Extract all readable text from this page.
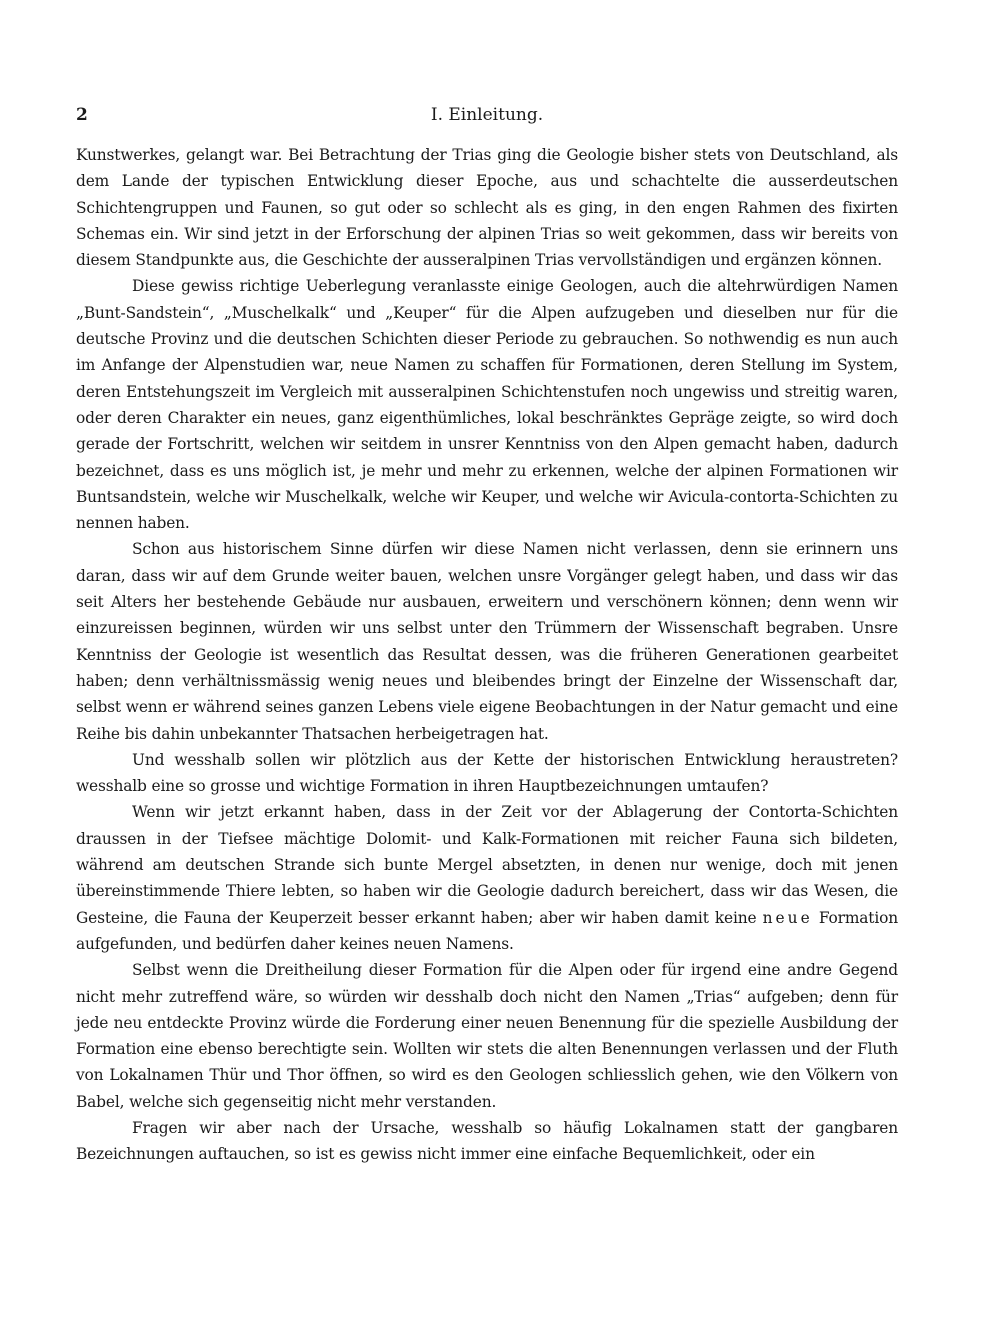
2	I. Einleitung.

Kunstwerkes, gelangt war. Bei Betrachtung der Trias ging die Geologie bisher stets von Deutschland, als dem Lande der typischen Entwicklung dieser Epoche, aus und schachtelte die ausserdeutschen Schichtengruppen und Faunen, so gut oder so schlecht als es ging, in den engen Rahmen des fixirten Schemas ein. Wir sind jetzt in der Erforschung der alpinen Trias so weit gekommen, dass wir bereits von diesem Standpunkte aus, die Geschichte der ausseralpinen Trias vervollständigen und ergänzen können.

Diese gewiss richtige Ueberlegung veranlasste einige Geologen, auch die altehrwürdigen Namen „Bunt-Sandstein“, „Muschelkalk“ und „Keuper“ für die Alpen aufzugeben und dieselben nur für die deutsche Provinz und die deutschen Schichten dieser Periode zu gebrauchen. So nothwendig es nun auch im Anfange der Alpenstudien war, neue Namen zu schaffen für Formationen, deren Stellung im System, deren Entstehungszeit im Vergleich mit ausseralpinen Schichtenstufen noch ungewiss und streitig waren, oder deren Charakter ein neues, ganz eigenthümliches, lokal beschränktes Gepräge zeigte, so wird doch gerade der Fortschritt, welchen wir seitdem in unsrer Kenntniss von den Alpen gemacht haben, dadurch bezeichnet, dass es uns möglich ist, je mehr und mehr zu erkennen, welche der alpinen Formationen wir Buntsandstein, welche wir Muschelkalk, welche wir Keuper, und welche wir Avicula-contorta-Schichten zu nennen haben.

Schon aus historischem Sinne dürfen wir diese Namen nicht verlassen, denn sie erinnern uns daran, dass wir auf dem Grunde weiter bauen, welchen unsre Vorgänger gelegt haben, und dass wir das seit Alters her bestehende Gebäude nur ausbauen, erweitern und verschönern können; denn wenn wir einzureissen beginnen, würden wir uns selbst unter den Trümmern der Wissenschaft begraben. Unsre Kenntniss der Geologie ist wesentlich das Resultat dessen, was die früheren Generationen gearbeitet haben; denn verhältnissmässig wenig neues und bleibendes bringt der Einzelne der Wissenschaft dar, selbst wenn er während seines ganzen Lebens viele eigene Beobachtungen in der Natur gemacht und eine Reihe bis dahin unbekannter Thatsachen herbeigetragen hat.

Und wesshalb sollen wir plötzlich aus der Kette der historischen Entwicklung heraustreten? wesshalb eine so grosse und wichtige Formation in ihren Hauptbezeichnungen umtaufen?

Wenn wir jetzt erkannt haben, dass in der Zeit vor der Ablagerung der Contorta-Schichten draussen in der Tiefsee mächtige Dolomit- und Kalk-Formationen mit reicher Fauna sich bildeten, während am deutschen Strande sich bunte Mergel absetzten, in denen nur wenige, doch mit jenen übereinstimmende Thiere lebten, so haben wir die Geologie dadurch bereichert, dass wir das Wesen, die Gesteine, die Fauna der Keuperzeit besser erkannt haben; aber wir haben damit keine neue Formation aufgefunden, und bedürfen daher keines neuen Namens.

Selbst wenn die Dreitheilung dieser Formation für die Alpen oder für irgend eine andre Gegend nicht mehr zutreffend wäre, so würden wir desshalb doch nicht den Namen „Trias“ aufgeben; denn für jede neu entdeckte Provinz würde die Forderung einer neuen Benennung für die spezielle Ausbildung der Formation eine ebenso berechtigte sein. Wollten wir stets die alten Benennungen verlassen und der Fluth von Lokalnamen Thür und Thor öffnen, so wird es den Geologen schliesslich gehen, wie den Völkern von Babel, welche sich gegenseitig nicht mehr verstanden.

Fragen wir aber nach der Ursache, wesshalb so häufig Lokalnamen statt der gangbaren Bezeichnungen auftauchen, so ist es gewiss nicht immer eine einfache Bequemlichkeit, oder ein
